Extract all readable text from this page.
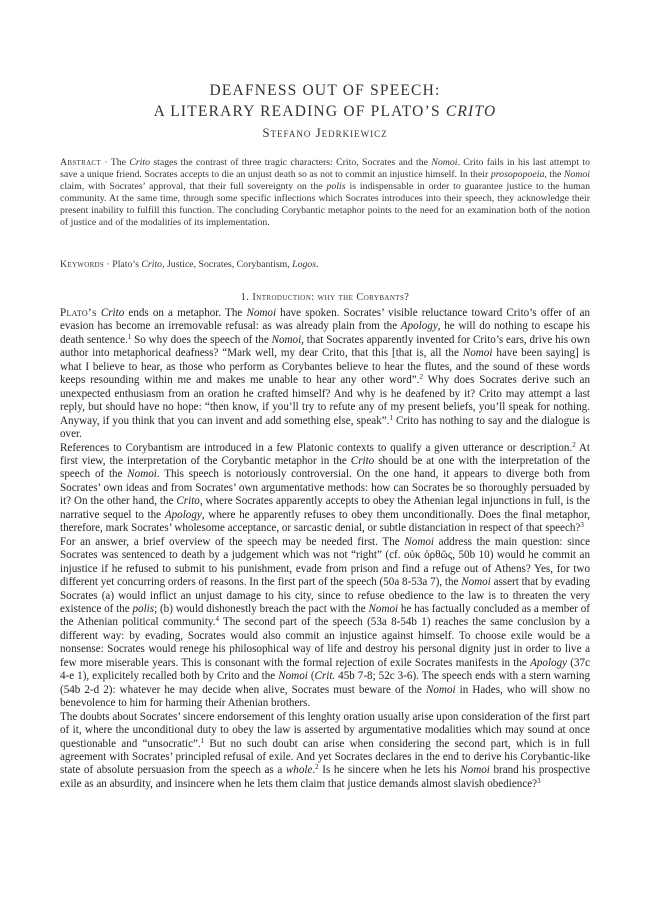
DEAFNESS OUT OF SPEECH:
A LITERARY READING OF PLATO’S CRITO
Stefano Jedrkiewicz
Abstract · The Crito stages the contrast of three tragic characters: Crito, Socrates and the Nomoi. Crito fails in his last attempt to save a unique friend. Socrates accepts to die an unjust death so as not to commit an injustice himself. In their prosopopoeia, the Nomoi claim, with Socrates’ approval, that their full sovereignty on the polis is indispensable in order to guarantee justice to the human community. At the same time, through some specific inflections which Socrates introduces into their speech, they acknowledge their present inability to fulfill this function. The concluding Corybantic metaphor points to the need for an examination both of the notion of justice and of the modalities of its implementation.
Keywords · Plato’s Crito, Justice, Socrates, Corybantism, Logos.
1. Introduction: why the Corybants?

Plato’s Crito ends on a metaphor. The Nomoi have spoken. Socrates’ visible reluctance toward Crito’s offer of an evasion has become an irremovable refusal: as was already plain from the Apology, he will do nothing to escape his death sentence.$^1$ So why does the speech of the Nomoi, that Socrates apparently invented for Crito’s ears, drive his own author into metaphorical deafness? “Mark well, my dear Crito, that this [that is, all the Nomoi have been saying] is what I believe to hear, as those who perform as Corybantes believe to hear the flutes, and the sound of these words keeps resounding within me and makes me unable to hear any other word”.$^2$ Why does Socrates derive such an unexpected enthusiasm from an oration he crafted himself? And why is he deafened by it? Crito may attempt a last reply, but should have no hope: “then know, if you’ll try to refute any of my present beliefs, you’ll speak for nothing. Anyway, if you think that you can invent and add something else, speak”.$^1$ Crito has nothing to say and the dialogue is over.

References to Corybantism are introduced in a few Platonic contexts to qualify a given utterance or description.$^2$ At first view, the interpretation of the Corybantic metaphor in the Crito should be at one with the interpretation of the speech of the Nomoi. This speech is notoriously controversial. On the one hand, it appears to diverge both from Socrates’ own ideas and from Socrates’ own argumentative methods: how can Socrates be so thoroughly persuaded by it? On the other hand, the Crito, where Socrates apparently accepts to obey the Athenian legal injunctions in full, is the narrative sequel to the Apology, where he apparently refuses to obey them unconditionally. Does the final metaphor, therefore, mark Socrates’ wholesome acceptance, or sarcastic denial, or subtle distanciation in respect of that speech?$^3$

For an answer, a brief overview of the speech may be needed first. The Nomoi address the main question: since Socrates was sentenced to death by a judgement which was not “right” (cf. οὐκ ὀρθῶς, 50b 10) would he commit an injustice if he refused to submit to his punishment, evade from prison and find a refuge out of Athens? Yes, for two different yet concurring orders of reasons. In the first part of the speech (50a 8-53a 7), the Nomoi assert that by evading Socrates (a) would inflict an unjust damage to his city, since to refuse obedience to the law is to threaten the very existence of the polis; (b) would dishonestly breach the pact with the Nomoi he has factually concluded as a member of the Athenian political community.$^4$ The second part of the speech (53a 8-54b 1) reaches the same conclusion by a different way: by evading, Socrates would also commit an injustice against himself. To choose exile would be a nonsense: Socrates would renege his philosophical way of life and destroy his personal dignity just in order to live a few more miserable years. This is consonant with the formal rejection of exile Socrates manifests in the Apology (37c 4-e 1), explicitely recalled both by Crito and the Nomoi (Crit. 45b 7-8; 52c 3-6). The speech ends with a stern warning (54b 2-d 2): whatever he may decide when alive, Socrates must beware of the Nomoi in Hades, who will show no benevolence to him for harming their Athenian brothers.

The doubts about Socrates’ sincere endorsement of this lenghty oration usually arise upon consideration of the first part of it, where the unconditional duty to obey the law is asserted by argumentative modalities which may sound at once questionable and “unsocratic”.$^1$ But no such doubt can arise when considering the second part, which is in full agreement with Socrates’ principled refusal of exile. And yet Socrates declares in the end to derive his Corybantic-like state of absolute persuasion from the speech as a whole.$^2$ Is he sincere when he lets his Nomoi brand his prospective exile as an absurdity, and insincere when he lets them claim that justice demands almost slavish obedience?$^3$
